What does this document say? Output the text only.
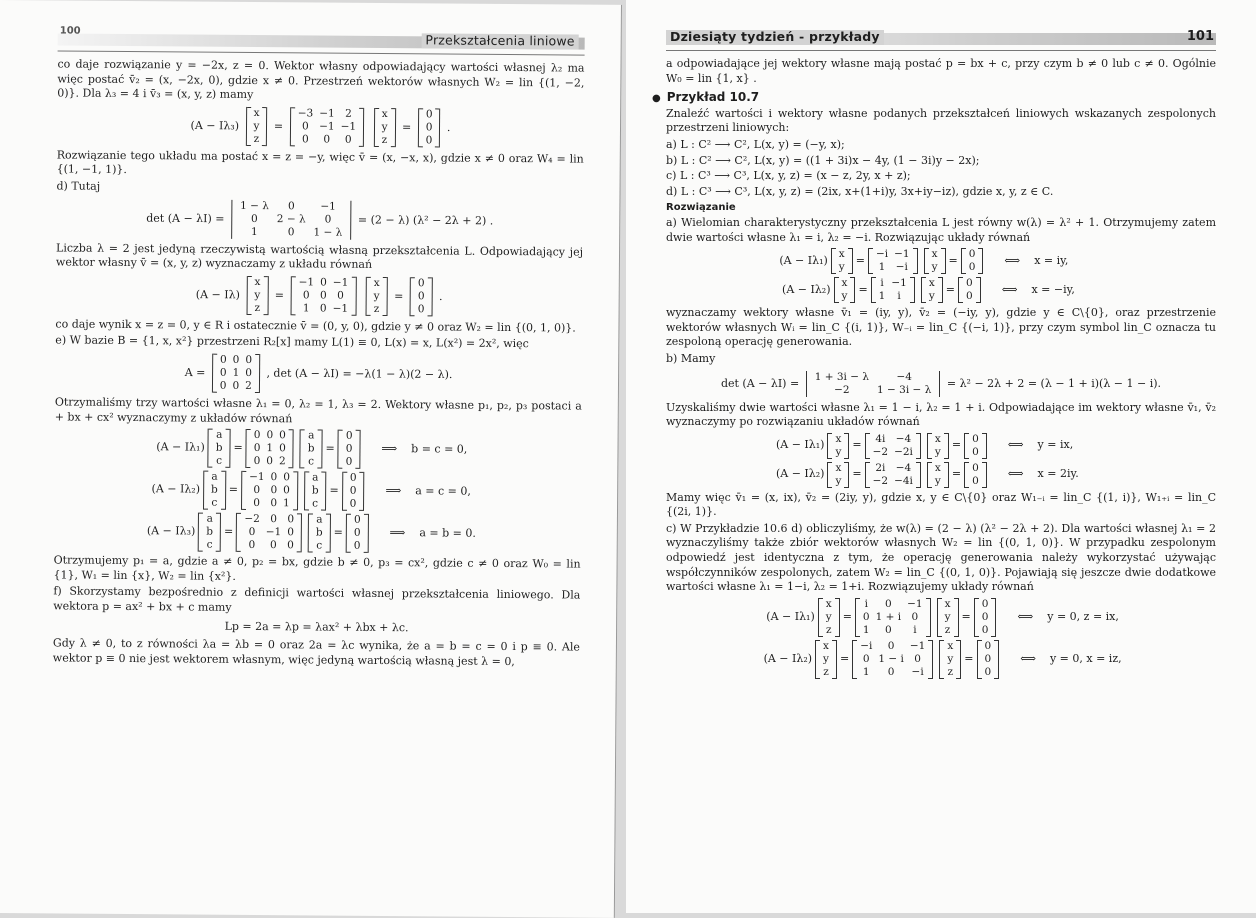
100
Przekształcenia liniowe

co daje rozwiązanie y = −2x, z = 0. Wektor własny odpowiadający wartości własnej λ₂ ma więc postać v̄₂ = (x, −2x, 0), gdzie x ≠ 0. Przestrzeń wektorów własnych W₂ = lin {(1, −2, 0)}. Dla λ₃ = 4 i v̄₃ = (x, y, z) mamy

(A − Iλ₃)
x
y
z
=
−3	−1	2
0	−1	−1
0	0	0

x
y
z
=
0
0
0
.

Rozwiązanie tego układu ma postać x = z = −y, więc v̄ = (x, −x, x), gdzie x ≠ 0 oraz W₄ = lin {(1, −1, 1)}.

d) Tutaj

det (A − λI) =
1 − λ	0	−1
0	2 − λ	0
1	0	1 − λ
= (2 − λ) (λ² − 2λ + 2) .

Liczba λ = 2 jest jedyną rzeczywistą wartością własną przekształcenia L. Odpowiadający jej wektor własny v̄ = (x, y, z) wyznaczamy z układu równań

(A − Iλ)
x
y
z
=
−1	0	−1
0	0	0
1	0	−1

x
y
z
=
0
0
0
.

co daje wynik x = z = 0, y ∈ R i ostatecznie v̄ = (0, y, 0), gdzie y ≠ 0 oraz W₂ = lin {(0, 1, 0)}.

e) W bazie B = {1, x, x²} przestrzeni R₂[x] mamy L(1) ≡ 0, L(x) = x, L(x²) = 2x², więc

A =
0	0	0
0	1	0
0	0	2
, det (A − λI) = −λ(1 − λ)(2 − λ).

Otrzymaliśmy trzy wartości własne λ₁ = 0, λ₂ = 1, λ₃ = 2. Wektory własne p₁, p₂, p₃ postaci a + bx + cx² wyznaczymy z układów równań

(A − Iλ₁)
a
b
c
=
0	0	0
0	1	0
0	0	2
a
b
c
=
0
0
0
⟹ b = c = 0,
(A − Iλ₂)
a
b
c
=
−1	0	0
0	0	0
0	0	1
a
b
c
=
0
0
0
⟹ a = c = 0,
(A − Iλ₃)
a
b
c
=
−2	0	0
0	−1	0
0	0	0
a
b
c
=
0
0
0
⟹ a = b = 0.

Otrzymujemy p₁ = a, gdzie a ≠ 0, p₂ = bx, gdzie b ≠ 0, p₃ = cx², gdzie c ≠ 0 oraz W₀ = lin {1}, W₁ = lin {x}, W₂ = lin {x²}.

f) Skorzystamy bezpośrednio z definicji wartości własnej przekształcenia liniowego. Dla wektora p = ax² + bx + c mamy

Lp = 2a = λp = λax² + λbx + λc.

Gdy λ ≠ 0, to z równości λa = λb = 0 oraz 2a = λc wynika, że a = b = c = 0 i p ≡ 0. Ale wektor p ≡ 0 nie jest wektorem własnym, więc jedyną wartością własną jest λ = 0,

Dziesiąty tydzień - przykłady	101

a odpowiadające jej wektory własne mają postać p = bx + c, przy czym b ≠ 0 lub c ≠ 0. Ogólnie W₀ = lin {1, x} .

● Przykład 10.7

Znaleźć wartości i wektory własne podanych przekształceń liniowych wskazanych zespolonych przestrzeni liniowych:

a) L : C² ⟶ C², L(x, y) = (−y, x);
b) L : C² ⟶ C², L(x, y) = ((1 + 3i)x − 4y, (1 − 3i)y − 2x);
c) L : C³ ⟶ C³, L(x, y, z) = (x − z, 2y, x + z);
d) L : C³ ⟶ C³, L(x, y, z) = (2ix, x+(1+i)y, 3x+iy−iz), gdzie x, y, z ∈ C.
Rozwiązanie

a) Wielomian charakterystyczny przekształcenia L jest równy w(λ) = λ² + 1. Otrzymujemy zatem dwie wartości własne λ₁ = i, λ₂ = −i. Rozwiązując układy równań

(A − Iλ₁) x
y
= −i	−1
1	−i
x
y
= 0
0
⟺ x = iy,
(A − Iλ₂) x
y
= i	−1
1	i
x
y
= 0
0
⟺ x = −iy,

wyznaczamy wektory własne v̄₁ = (iy, y), v̄₂ = (−iy, y), gdzie y ∈ C\{0}, oraz przestrzenie wektorów własnych Wᵢ = lin_C {(i, 1)}, W₋ᵢ = lin_C {(−i, 1)}, przy czym symbol lin_C oznacza tu zespoloną operację generowania.

b) Mamy

det (A − λI) = 1 + 3i − λ	−4
−2	1 − 3i − λ = λ² − 2λ + 2 = (λ − 1 + i)(λ − 1 − i).

Uzyskaliśmy dwie wartości własne λ₁ = 1 − i, λ₂ = 1 + i. Odpowiadające im wektory własne v̄₁, v̄₂ wyznaczymy po rozwiązaniu układów równań

(A − Iλ₁) x
y
= 4i	−4
−2	−2i
x
y
= 0
0
⟺ y = ix,
(A − Iλ₂) x
y
= 2i	−4
−2	−4i
x
y
= 0
0
⟺ x = 2iy.

Mamy więc v̄₁ = (x, ix), v̄₂ = (2iy, y), gdzie x, y ∈ C\{0} oraz W₁₋ᵢ = lin_C {(1, i)}, W₁₊ᵢ = lin_C {(2i, 1)}.

c) W Przykładzie 10.6 d) obliczyliśmy, że w(λ) = (2 − λ) (λ² − 2λ + 2). Dla wartości własnej λ₁ = 2 wyznaczyliśmy także zbiór wektorów własnych W₂ = lin {(0, 1, 0)}. W przypadku zespolonym odpowiedź jest identyczna z tym, że operację generowania należy wykorzystać używając współczynników zespolonych, zatem W₂ = lin_C {(0, 1, 0)}. Pojawiają się jeszcze dwie dodatkowe wartości własne λ₁ = 1−i, λ₂ = 1+i. Rozwiązujemy układy równań

(A − Iλ₁)
x
y
z
=
i	0	−1
0	1 + i	0
1	0	i
x
y
z
=
0
0
0
⟺ y = 0, z = ix,
(A − Iλ₂)
x
y
z
=
−i	0	−1
0	1 − i	0
1	0	−i
x
y
z
=
0
0
0
⟺ y = 0, x = iz,
